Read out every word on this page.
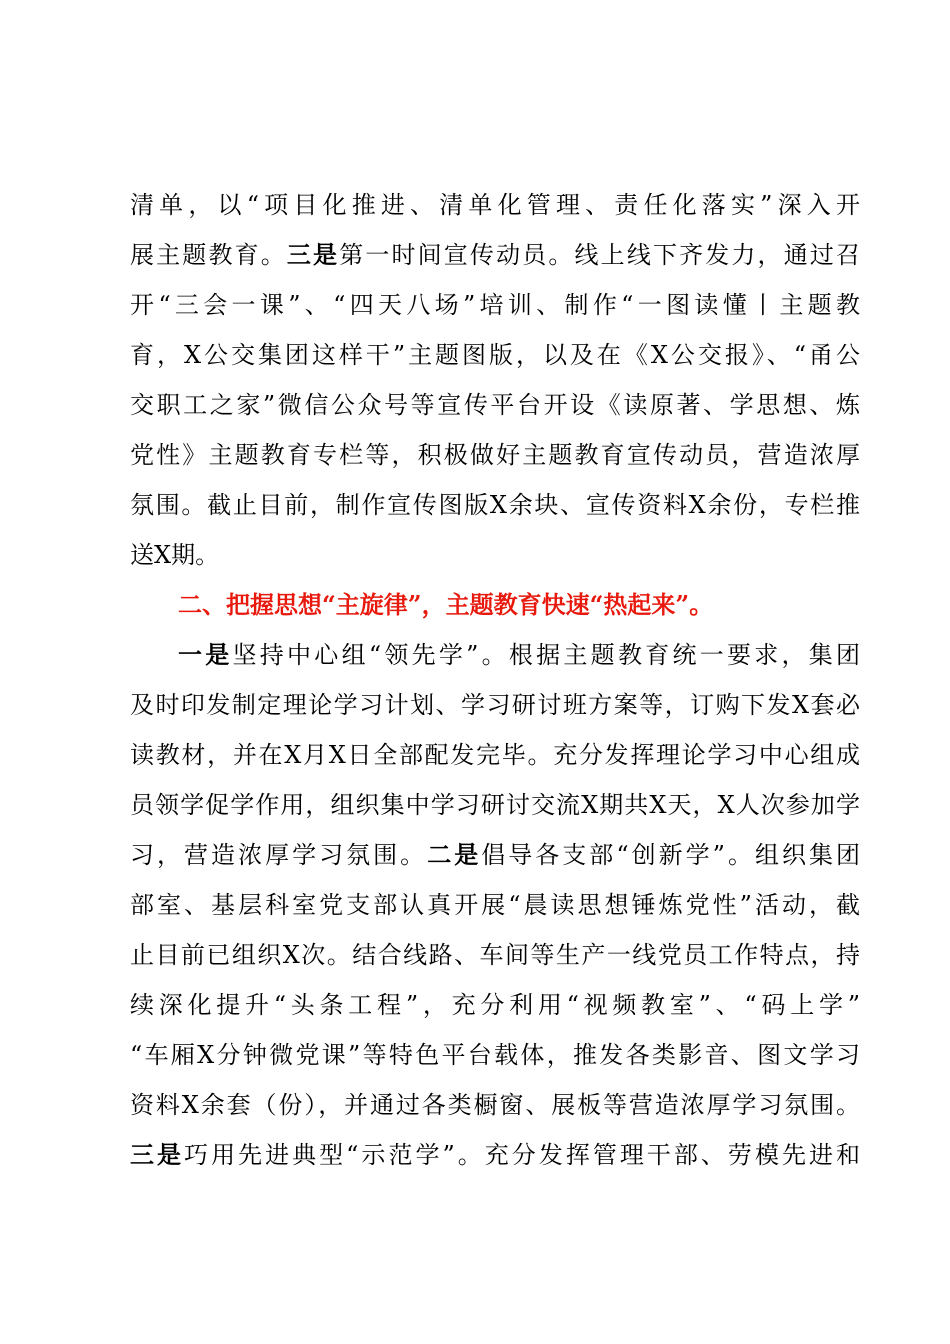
清单，以“项目化推进、清单化管理、责任化落实”深入开
展主题教育。三是第一时间宣传动员。线上线下齐发力，通过召
开“三会一课”、“四天八场”培训、制作“一图读懂丨主题教
育，X公交集团这样干”主题图版，以及在《X公交报》、“甬公
交职工之家”微信公众号等宣传平台开设《读原著、学思想、炼
党性》主题教育专栏等，积极做好主题教育宣传动员，营造浓厚
氛围。截止目前，制作宣传图版X余块、宣传资料X余份，专栏推
送X期。
二、把握思想“主旋律”，主题教育快速“热起来”。
一是坚持中心组“领先学”。根据主题教育统一要求，集团
及时印发制定理论学习计划、学习研讨班方案等，订购下发X套必
读教材，并在X月X日全部配发完毕。充分发挥理论学习中心组成
员领学促学作用，组织集中学习研讨交流X期共X天，X人次参加学
习，营造浓厚学习氛围。二是倡导各支部“创新学”。组织集团
部室、基层科室党支部认真开展“晨读思想锤炼党性”活动，截
止目前已组织X次。结合线路、车间等生产一线党员工作特点，持
续深化提升“头条工程”，充分利用“视频教室”、“码上学”
“车厢X分钟微党课”等特色平台载体，推发各类影音、图文学习
资料X余套（份），并通过各类橱窗、展板等营造浓厚学习氛围。
三是巧用先进典型“示范学”。充分发挥管理干部、劳模先进和
